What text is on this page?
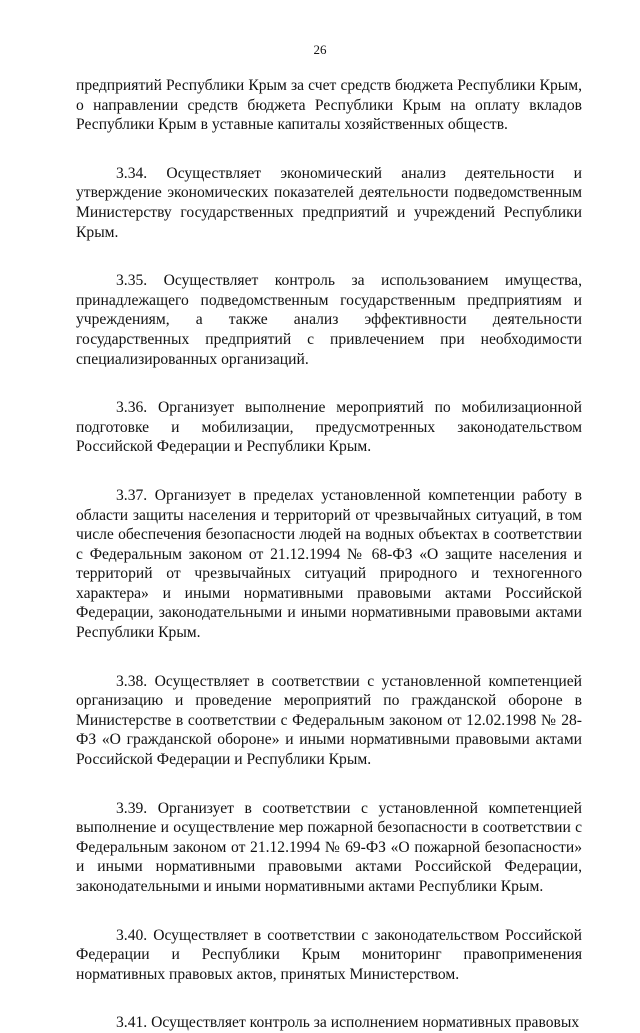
26

предприятий Республики Крым за счет средств бюджета Республики Крым, о направлении средств бюджета Республики Крым на оплату вкладов Республики Крым в уставные капиталы хозяйственных обществ.

3.34. Осуществляет экономический анализ деятельности и утверждение экономических показателей деятельности подведомственным Министерству государственных предприятий и учреждений Республики Крым.

3.35. Осуществляет контроль за использованием имущества, принадлежащего подведомственным государственным предприятиям и учреждениям, а также анализ эффективности деятельности государственных предприятий с привлечением при необходимости специализированных организаций.

3.36. Организует выполнение мероприятий по мобилизационной подготовке и мобилизации, предусмотренных законодательством Российской Федерации и Республики Крым.

3.37. Организует в пределах установленной компетенции работу в области защиты населения и территорий от чрезвычайных ситуаций, в том числе обеспечения безопасности людей на водных объектах в соответствии с Федеральным законом от 21.12.1994 № 68-ФЗ «О защите населения и территорий от чрезвычайных ситуаций природного и техногенного характера» и иными нормативными правовыми актами Российской Федерации, законодательными и иными нормативными правовыми актами Республики Крым.

3.38. Осуществляет в соответствии с установленной компетенцией организацию и проведение мероприятий по гражданской обороне в Министерстве в соответствии с Федеральным законом от 12.02.1998 № 28-ФЗ «О гражданской обороне» и иными нормативными правовыми актами Российской Федерации и Республики Крым.

3.39. Организует в соответствии с установленной компетенцией выполнение и осуществление мер пожарной безопасности в соответствии с Федеральным законом от 21.12.1994 № 69-ФЗ «О пожарной безопасности» и иными нормативными правовыми актами Российской Федерации, законодательными и иными нормативными актами Республики Крым.

3.40. Осуществляет в соответствии с законодательством Российской Федерации и Республики Крым мониторинг правоприменения нормативных правовых актов, принятых Министерством.

3.41. Осуществляет контроль за исполнением нормативных правовых
